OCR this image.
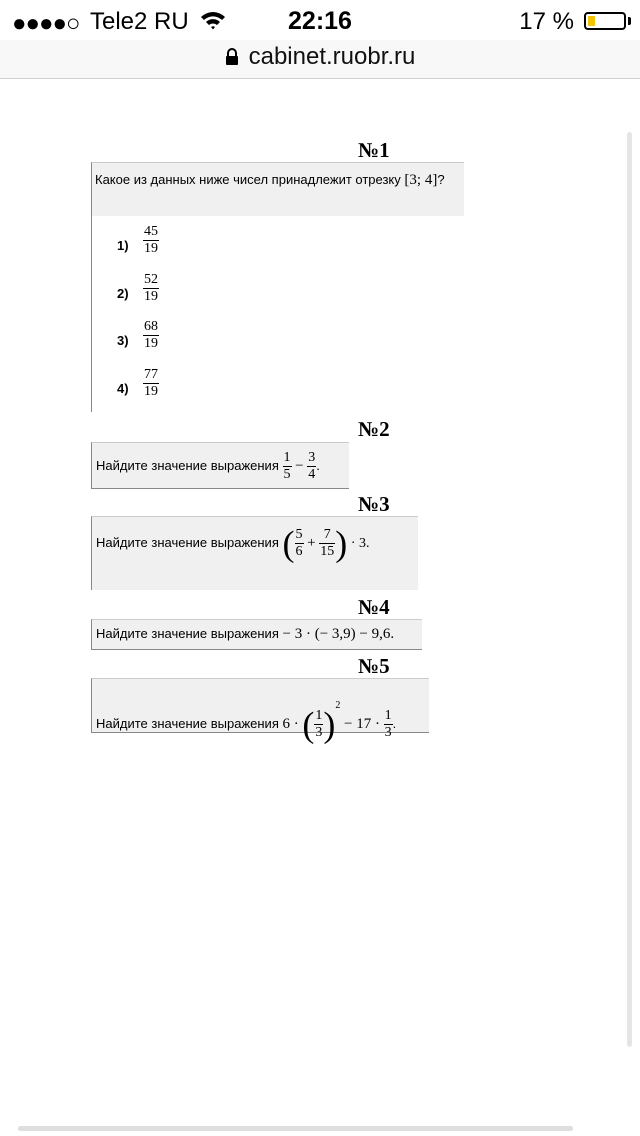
●●●●○ Tele2 RU	22:16	17 %
cabinet.ruobr.ru
№1
Какое из данных ниже чисел принадлежит отрезку [3; 4]?
$1) \frac{45}{19}$
$2) \frac{52}{19}$
$3) \frac{68}{19}$
$4) \frac{77}{19}$
№2
Найдите значение выражения $\frac{1}{5} - \frac{3}{4}$ .
№3
Найдите значение выражения ( $\frac{5}{6} + \frac{7}{15}$ ) · 3.
№4
Найдите значение выражения − 3 · (− 3,9) − 9,6.
№5
Найдите значение выражения 6 · ( $\frac{1}{3} )^2 - 17 \cdot \frac{1}{3}$ .
